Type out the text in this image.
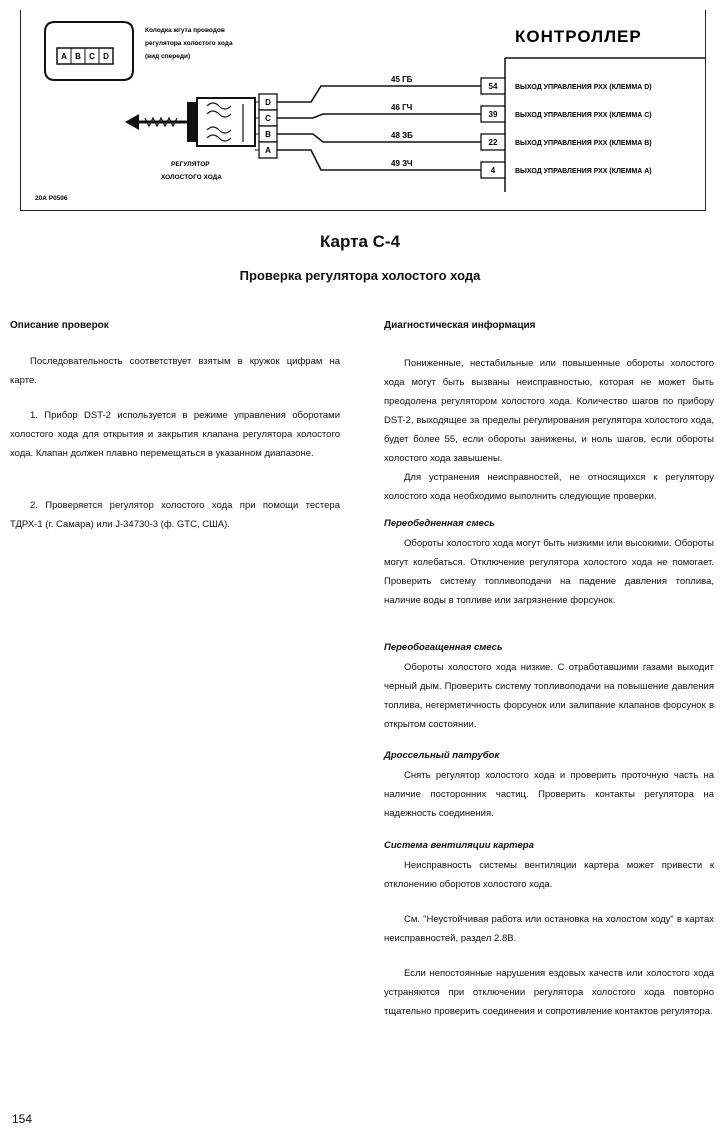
A B C D
Колодка жгута проводов
регулятора холостого хода
(вид спереди)
D
C
B
A
РЕГУЛЯТОР
ХОЛОСТОГО ХОДА
45 ГБ
46 ГЧ
48 ЗБ
49 ЗЧ
54
39
22
4
КОНТРОЛЛЕР
ВЫХОД УПРАВЛЕНИЯ РХХ (КЛЕММА D)
ВЫХОД УПРАВЛЕНИЯ РХХ (КЛЕММА C)
ВЫХОД УПРАВЛЕНИЯ РХХ (КЛЕММА B)
ВЫХОД УПРАВЛЕНИЯ РХХ (КЛЕММА A)
20А Р0506
Карта С-4
Проверка регулятора холостого хода
Описание проверок
Последовательность соответствует взятым в кружок цифрам на карте.
1. Прибор DST-2 используется в режиме управления оборотами холостого хода для открытия и закрытия клапана регулятора холостого хода. Клапан должен плавно перемещаться в указанном диапазоне.
2. Проверяется регулятор холостого хода при помощи тестера ТДРХ-1 (г. Самара) или J-34730-3 (ф. GTC, США).
Диагностическая информация
Пониженные, нестабильные или повышенные обороты холостого хода могут быть вызваны неисправностью, которая не может быть преодолена регулятором холостого хода. Количество шагов по прибору DST-2, выходящее за пределы регулирования регулятора холостого хода, будет более 55, если обороты занижены, и ноль шагов, если обороты холостого хода завышены.
Для устранения неисправностей, не относящихся к регулятору холостого хода необходимо выполнить следующие проверки.
Переобедненная смесь
Обороты холостого хода могут быть низкими или высокими. Обороты могут колебаться. Отключение регулятора холостого хода не помогает. Проверить систему топливоподачи на падение давления топлива, наличие воды в топливе или загрязнение форсунок.
Переобогащенная смесь
Обороты холостого хода низкие. С отработавшими газами выходит черный дым. Проверить систему топливоподачи на повышение давления топлива, негерметичность форсунок или залипание клапанов форсунок в открытом состоянии.
Дроссельный патрубок
Снять регулятор холостого хода и проверить проточную часть на наличие посторонних частиц. Проверить контакты регулятора на надежность соединения.
Система вентиляции картера
Неисправность системы вентиляции картера может привести к отклонению оборотов холостого хода.
См. "Неустойчивая работа или остановка на холостом ходу" в картах неисправностей, раздел 2.8В.
Если непостоянные нарушения ездовых качеств или холостого хода устраняются при отключении регулятора холостого хода повторно тщательно проверить соединения и сопротивление контактов регулятора.
154
